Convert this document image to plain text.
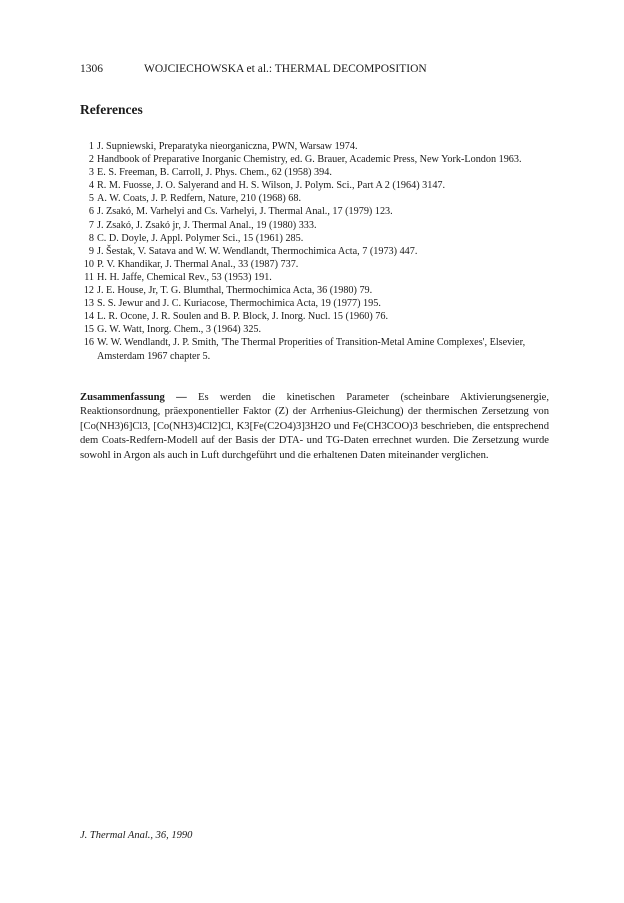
1306	WOJCIECHOWSKA et al.: THERMAL DECOMPOSITION
References
1 J. Supniewski, Preparatyka nieorganiczna, PWN, Warsaw 1974.
2 Handbook of Preparative Inorganic Chemistry, ed. G. Brauer, Academic Press, New York-London 1963.
3 E. S. Freeman, B. Carroll, J. Phys. Chem., 62 (1958) 394.
4 R. M. Fuosse, J. O. Salyerand and H. S. Wilson, J. Polym. Sci., Part A 2 (1964) 3147.
5 A. W. Coats, J. P. Redfern, Nature, 210 (1968) 68.
6 J. Zsakó, M. Varhelyi and Cs. Varhelyi, J. Thermal Anal., 17 (1979) 123.
7 J. Zsakó, J. Zsakó jr, J. Thermal Anal., 19 (1980) 333.
8 C. D. Doyle, J. Appl. Polymer Sci., 15 (1961) 285.
9 J. Šestak, V. Satava and W. W. Wendlandt, Thermochimica Acta, 7 (1973) 447.
10 P. V. Khandikar, J. Thermal Anal., 33 (1987) 737.
11 H. H. Jaffe, Chemical Rev., 53 (1953) 191.
12 J. E. House, Jr, T. G. Blumthal, Thermochimica Acta, 36 (1980) 79.
13 S. S. Jewur and J. C. Kuriacose, Thermochimica Acta, 19 (1977) 195.
14 L. R. Ocone, J. R. Soulen and B. P. Block, J. Inorg. Nucl. 15 (1960) 76.
15 G. W. Watt, Inorg. Chem., 3 (1964) 325.
16 W. W. Wendlandt, J. P. Smith, 'The Thermal Properities of Transition-Metal Amine Complexes', Elsevier, Amsterdam 1967 chapter 5.
Zusammenfassung — Es werden die kinetischen Parameter (scheinbare Aktivierungsenergie, Reaktionsordnung, präexponentieller Faktor (Z) der Arrhenius-Gleichung) der thermischen Zersetzung von [Co(NH3)6]Cl3, [Co(NH3)4Cl2]Cl, K3[Fe(C2O4)3]3H2O und Fe(CH3COO)3 beschrieben, die entsprechend dem Coats-Redfern-Modell auf der Basis der DTA- und TG-Daten errechnet wurden. Die Zersetzung wurde sowohl in Argon als auch in Luft durchgeführt und die erhaltenen Daten miteinander verglichen.
J. Thermal Anal., 36, 1990
